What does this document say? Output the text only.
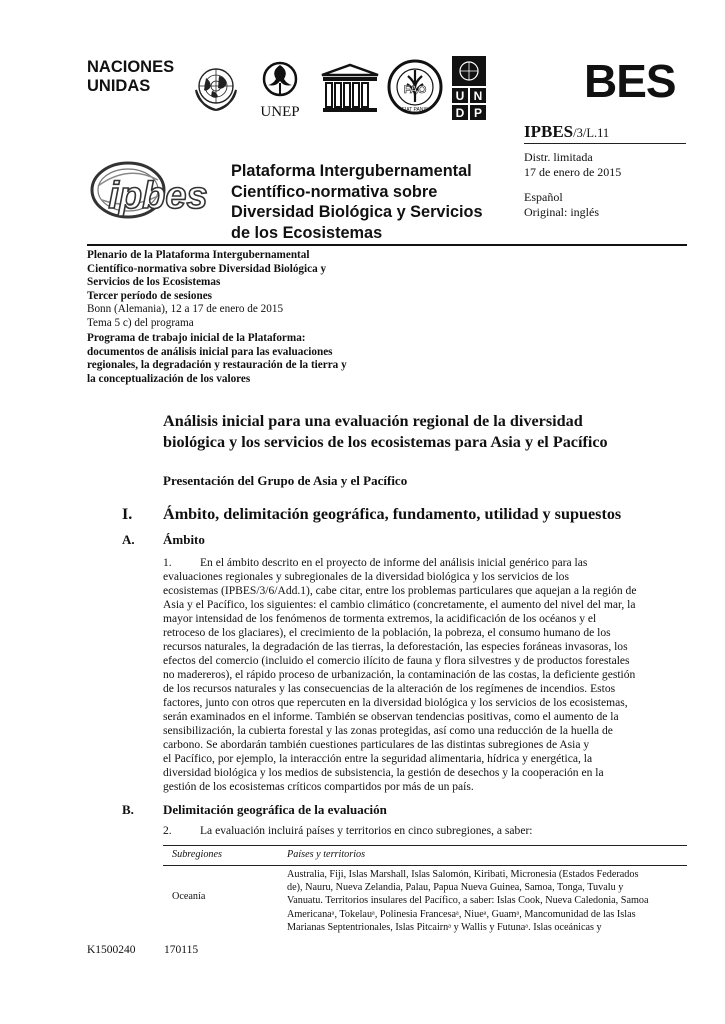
NACIONES
UNIDAS
UNEP
FAO
FIAT PANIS
U N
D P
BES
IPBES/3/L.11
Distr. limitada
17 de enero de 2015
Español
Original: inglés
ipbes
Plataforma Intergubernamental
Científico-normativa sobre
Diversidad Biológica y Servicios
de los Ecosistemas
Plenario de la Plataforma Intergubernamental
Científico-normativa sobre Diversidad Biológica y
Servicios de los Ecosistemas
Tercer período de sesiones
Bonn (Alemania), 12 a 17 de enero de 2015
Tema 5 c) del programa
Programa de trabajo inicial de la Plataforma:
documentos de análisis inicial para las evaluaciones
regionales, la degradación y restauración de la tierra y
la conceptualización de los valores
Análisis inicial para una evaluación regional de la diversidad
biológica y los servicios de los ecosistemas para Asia y el Pacífico
Presentación del Grupo de Asia y el Pacífico
I. Ámbito, delimitación geográfica, fundamento, utilidad y supuestos
A. Ámbito
1. En el ámbito descrito en el proyecto de informe del análisis inicial genérico para las
evaluaciones regionales y subregionales de la diversidad biológica y los servicios de los
ecosistemas (IPBES/3/6/Add.1), cabe citar, entre los problemas particulares que aquejan a la región de
Asia y el Pacífico, los siguientes: el cambio climático (concretamente, el aumento del nivel del mar, la
mayor intensidad de los fenómenos de tormenta extremos, la acidificación de los océanos y el
retroceso de los glaciares), el crecimiento de la población, la pobreza, el consumo humano de los
recursos naturales, la degradación de las tierras, la deforestación, las especies foráneas invasoras, los
efectos del comercio (incluido el comercio ilícito de fauna y flora silvestres y de productos forestales
no madereros), el rápido proceso de urbanización, la contaminación de las costas, la deficiente gestión
de los recursos naturales y las consecuencias de la alteración de los regímenes de incendios. Estos
factores, junto con otros que repercuten en la diversidad biológica y los servicios de los ecosistemas,
serán examinados en el informe. También se observan tendencias positivas, como el aumento de la
sensibilización, la cubierta forestal y las zonas protegidas, así como una reducción de la huella de
carbono. Se abordarán también cuestiones particulares de las distintas subregiones de Asia y
el Pacífico, por ejemplo, la interacción entre la seguridad alimentaria, hídrica y energética, la
diversidad biológica y los medios de subsistencia, la gestión de desechos y la cooperación en la
gestión de los ecosistemas críticos compartidos por más de un país.
B. Delimitación geográfica de la evaluación
2. La evaluación incluirá países y territorios en cinco subregiones, a saber:
Subregiones	Países y territorios
Oceanía
Australia, Fiji, Islas Marshall, Islas Salomón, Kiribati, Micronesia (Estados Federados
de), Nauru, Nueva Zelandia, Palau, Papua Nueva Guinea, Samoa, Tonga, Tuvalu y
Vanuatu. Territorios insulares del Pacífico, a saber: Islas Cook, Nueva Caledonia, Samoa
Americanaᵃ, Tokelauᵃ, Polinesia Francesaᵃ, Niueᵃ, Guamᵃ, Mancomunidad de las Islas
Marianas Septentrionales, Islas Pitcairnᵃ y Wallis y Futunaᵃ. Islas oceánicas y
K1500240 170115
